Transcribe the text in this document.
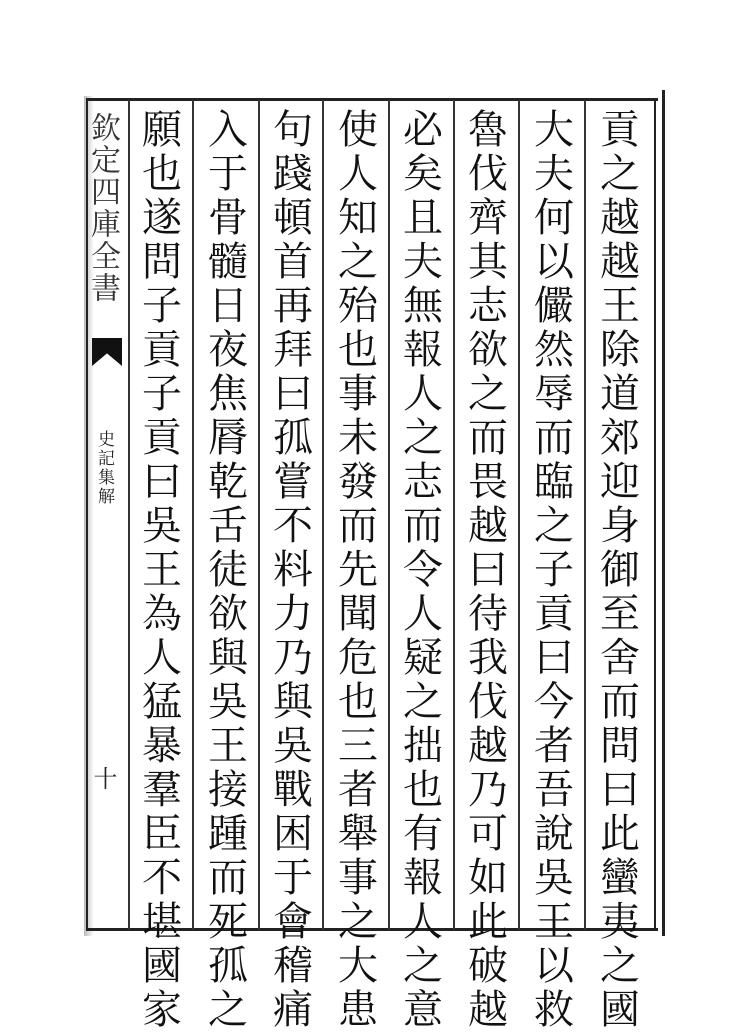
欽定四庫全書
史記集解
十
貢
之
越
越
王
除
道
郊
迎
身
御
至
舍
而
問
曰
此
蠻
夷
之
國
大
夫
何
以
儼
然
辱
而
臨
之
子
貢
曰
今
者
吾
說
吳
王
以
救
魯
伐
齊
其
志
欲
之
而
畏
越
曰
待
我
伐
越
乃
可
如
此
破
越
必
矣
且
夫
無
報
人
之
志
而
令
人
疑
之
拙
也
有
報
人
之
意
使
人
知
之
殆
也
事
未
發
而
先
聞
危
也
三
者
舉
事
之
大
患
句
踐
頓
首
再
拜
曰
孤
嘗
不
料
力
乃
與
吳
戰
困
于
會
稽
痛
入
于
骨
髓
日
夜
焦
脣
乾
舌
徒
欲
與
吳
王
接
踵
而
死
孤
之
願
也
遂
問
子
貢
子
貢
曰
吳
王
為
人
猛
暴
羣
臣
不
堪
國
家
